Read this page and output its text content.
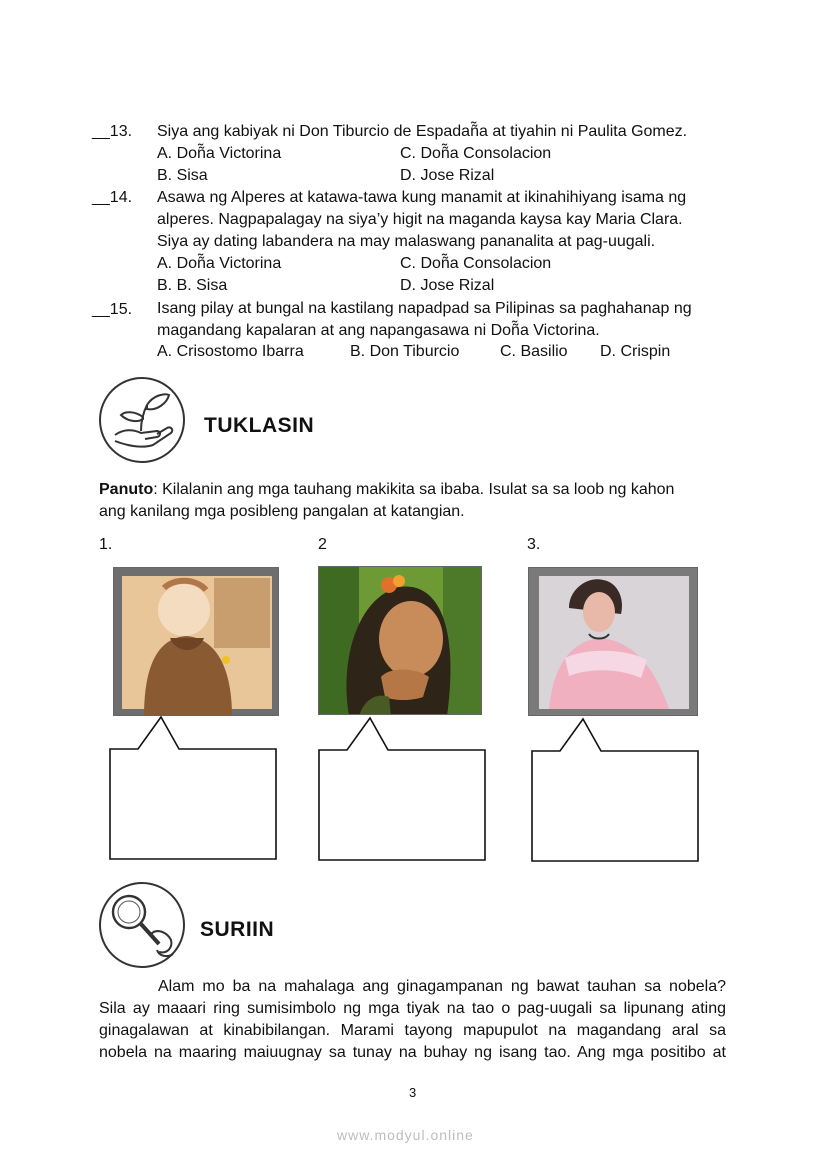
__13. Siya ang kabiyak ni Don Tiburcio de Espadañ̃a at tiyahin ni Paulita Gomez.
A. Doñ̃a Victorina	C. Doñ̃a Consolacion
B. Sisa	D. Jose Rizal
__14. Asawa ng Alperes at katawa-tawa kung manamit at ikinahihiyang isama ng
alperes. Nagpapalagay na siya’y higit na maganda kaysa kay Maria Clara.
Siya ay dating labandera na may malaswang pananalita at pag-uugali.
A. Doñ̃a Victorina	C. Doñ̃a Consolacion
B. B. Sisa	D. Jose Rizal
__15. Isang pilay at bungal na kastilang napadpad sa Pilipinas sa paghahanap ng
magandang kapalaran at ang napangasawa ni Doñ̃a Victorina.
A. Crisostomo Ibarra	B. Don Tiburcio	C. Basilio D. Crispin
TUKLASIN
Panuto: Kilalanin ang mga tauhang makikita sa ibaba. Isulat sa sa loob ng kahon
ang kanilang mga posibleng pangalan at katangian.
1.	2	3.
SURIIN
Alam mo ba na mahalaga ang ginagampanan ng bawat tauhan sa nobela?
Sila ay maaari ring sumisimbolo ng mga tiyak na tao o pag-uugali sa lipunang ating
ginagalawan at kinabibilangan. Marami tayong mapupulot na magandang aral sa
nobela na maaring maiuugnay sa tunay na buhay ng isang tao. Ang mga positibo at
3
www.modyul.online
